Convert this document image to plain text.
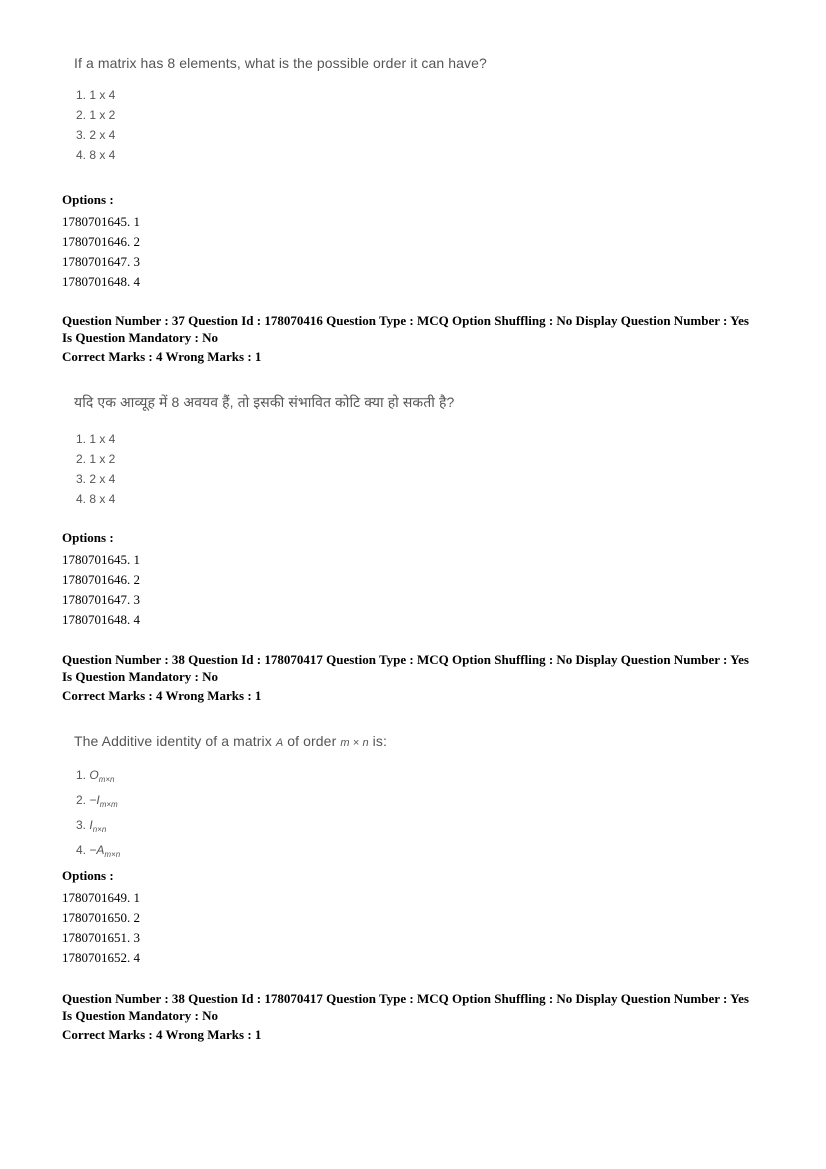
If a matrix has 8 elements, what is the possible order it can have?

1. 1 x 4
2. 1 x 2
3. 2 x 4
4. 8 x 4

Options :

1780701645. 1

1780701646. 2

1780701647. 3

1780701648. 4

Question Number : 37 Question Id : 178070416 Question Type : MCQ Option Shuffling : No Display Question Number : Yes

Is Question Mandatory : No

Correct Marks : 4 Wrong Marks : 1

यदि एक आव्यूह में 8 अवयव हैं, तो इसकी संभावित कोटि क्या हो सकती है?

1. 1 x 4
2. 1 x 2
3. 2 x 4
4. 8 x 4

Options :

1780701645. 1

1780701646. 2

1780701647. 3

1780701648. 4

Question Number : 38 Question Id : 178070417 Question Type : MCQ Option Shuffling : No Display Question Number : Yes

Is Question Mandatory : No

Correct Marks : 4 Wrong Marks : 1

The Additive identity of a matrix A of order m × n is:

1. $O_{m\times n}$
2. $-I_{m\times m}$
3. $I_{n\times n}$
4. $-A_{m\times n}$

Options :

1780701649. 1

1780701650. 2

1780701651. 3

1780701652. 4

Question Number : 38 Question Id : 178070417 Question Type : MCQ Option Shuffling : No Display Question Number : Yes

Is Question Mandatory : No

Correct Marks : 4 Wrong Marks : 1
